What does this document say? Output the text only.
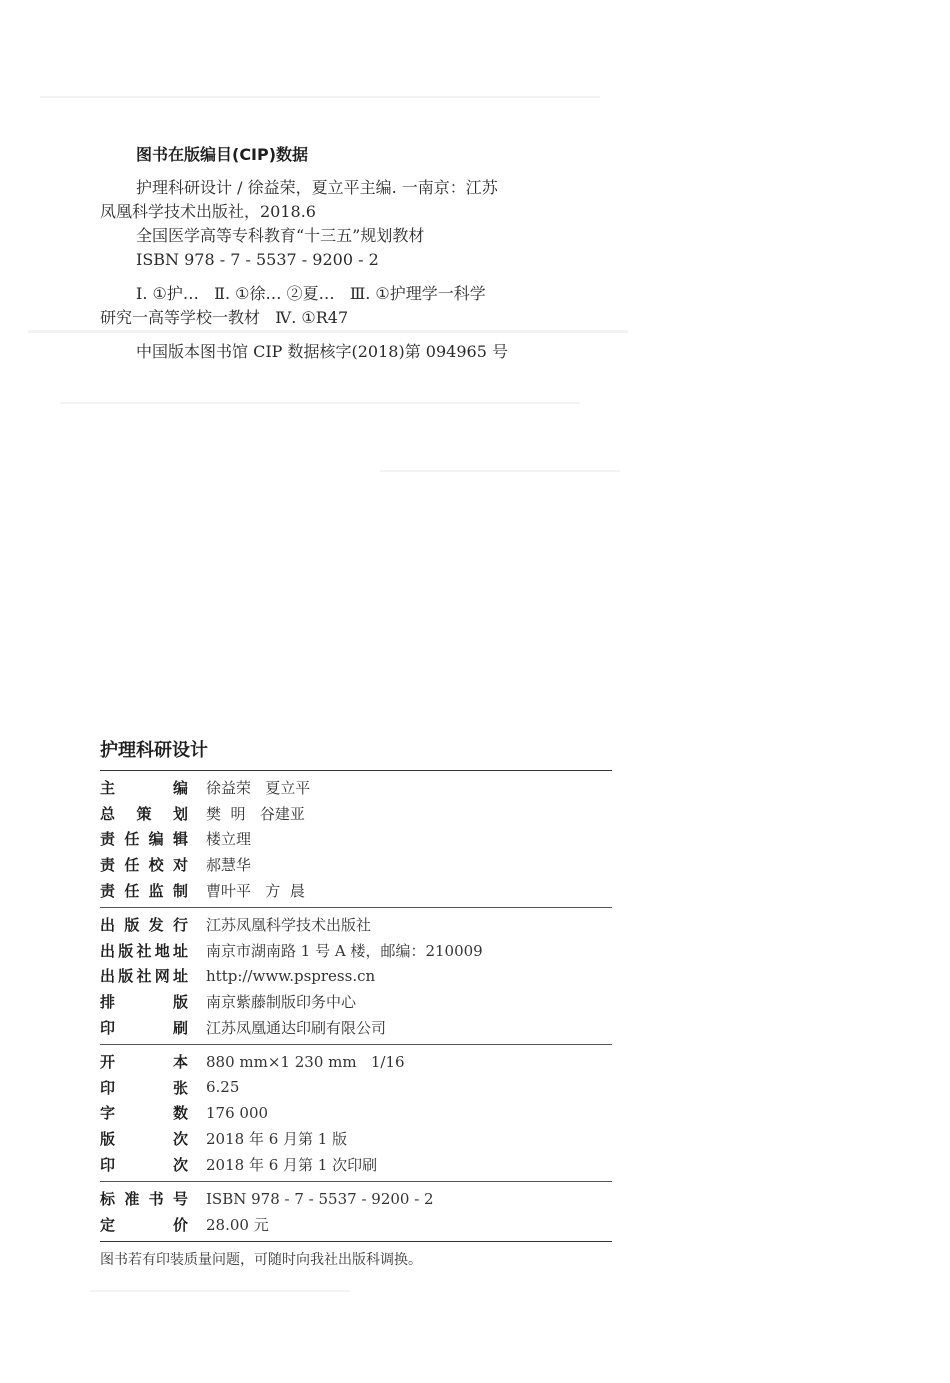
图书在版编目(CIP)数据

护理科研设计 / 徐益荣，夏立平主编. 一南京：江苏

凤凰科学技术出版社，2018.6

全国医学高等专科教育“十三五”规划教材

ISBN 978 - 7 - 5537 - 9200 - 2

Ⅰ. ①护…   Ⅱ. ①徐… ②夏…   Ⅲ. ①护理学一科学

研究一高等学校一教材   Ⅳ. ①R47

中国版本图书馆 CIP 数据核字(2018)第 094965 号

护理科研设计
主编 徐益荣   夏立平
总策划 樊  明   谷建亚
责任编辑 楼立理
责任校对 郝慧华
责任监制 曹叶平   方  晨
出版发行 江苏凤凰科学技术出版社
出版社地址 南京市湖南路 1 号 A 楼，邮编：210009
出版社网址 http://www.pspress.cn
排版 南京紫藤制版印务中心
印刷 江苏凤凰通达印刷有限公司
开本 880 mm×1 230 mm   1/16
印张 6.25
字数 176 000
版次 2018 年 6 月第 1 版
印次 2018 年 6 月第 1 次印刷
标准书号 ISBN 978 - 7 - 5537 - 9200 - 2
定价 28.00 元
图书若有印装质量问题，可随时向我社出版科调换。
